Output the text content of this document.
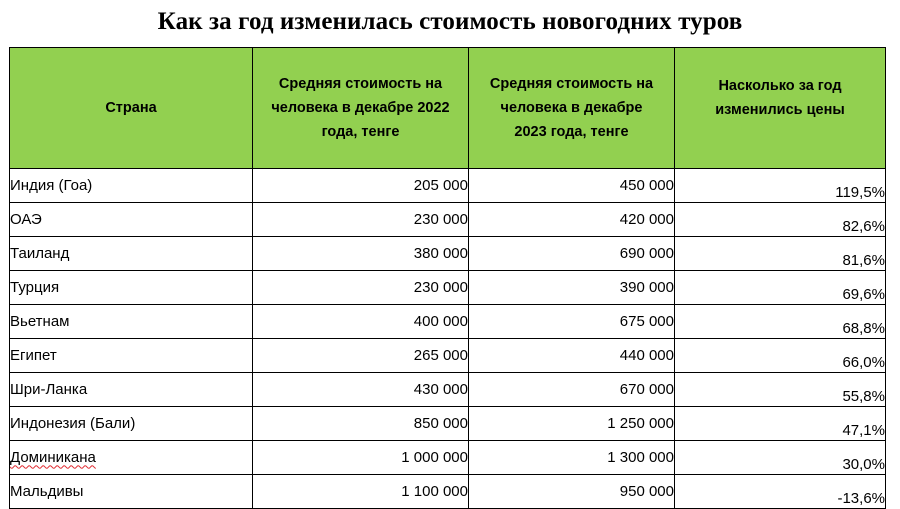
Как за год изменилась стоимость новогодних туров
Страна	Средняя стоимость на человека в декабре 2022 года, тенге	Средняя стоимость на человека в декабре 2023 года, тенге	Насколько за год изменились цены
Индия (Гоа)	205 000	450 000	119,5%
ОАЭ	230 000	420 000	82,6%
Таиланд	380 000	690 000	81,6%
Турция	230 000	390 000	69,6%
Вьетнам	400 000	675 000	68,8%
Египет	265 000	440 000	66,0%
Шри-Ланка	430 000	670 000	55,8%
Индонезия (Бали)	850 000	1 250 000	47,1%
Доминикана	1 000 000	1 300 000	30,0%
Мальдивы	1 100 000	950 000	-13,6%
